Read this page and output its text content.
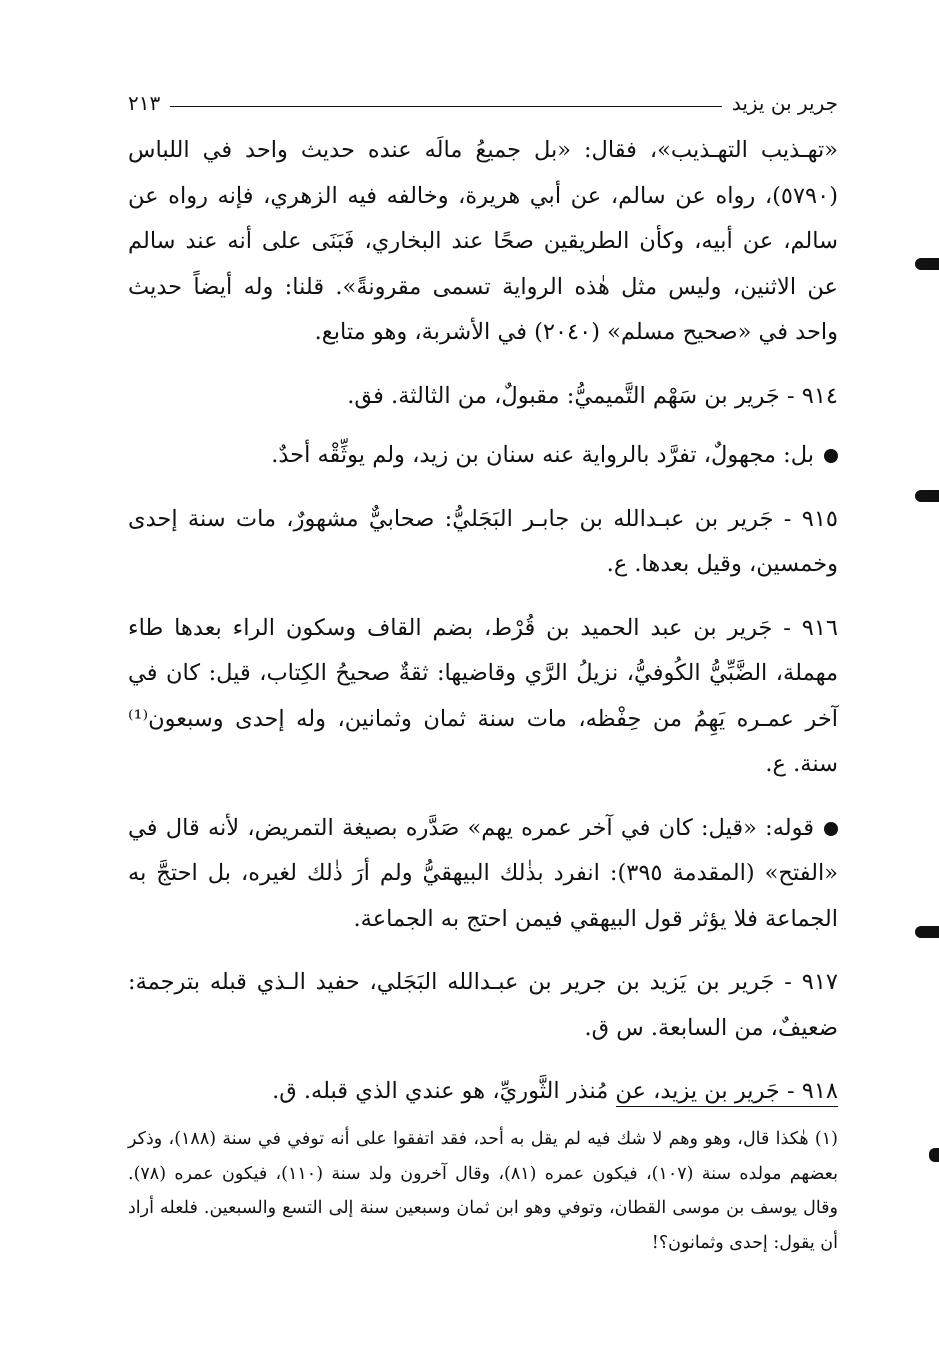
جرير بن يزيد
٢١٣

«تهـذيب التهـذيب»، فقال: «بل جميعُ مالَه عنده حديث واحد في اللباس (٥٧٩٠)، رواه عن سالم، عن أبي هريرة، وخالفه فيه الزهري، فإنه رواه عن سالم، عن أبيه، وكأن الطريقين صحًا عند البخاري، فَبَنَى على أنه عند سالم عن الاثنين، وليس مثل هٰذه الرواية تسمى مقرونةً». قلنا: وله أيضاً حديث واحد في «صحيح مسلم» (٢٠٤٠) في الأشربة، وهو متابع.

٩١٤ - جَرير بن سَهْم التَّميميُّ: مقبولٌ، من الثالثة. فق.

بل: مجهولٌ، تفرَّد بالرواية عنه سنان بن زيد، ولم يوثِّقْه أحدٌ.

٩١٥ - جَرير بن عبـدالله بن جابـر البَجَليُّ: صحابيٌّ مشهورٌ، مات سنة إحدى وخمسين، وقيل بعدها. ع.

٩١٦ - جَرير بن عبد الحميد بن قُرْط، بضم القاف وسكون الراء بعدها طاء مهملة، الضَّبِّيُّ الكُوفيُّ، نزيلُ الرَّي وقاضيها: ثقةٌ صحيحُ الكِتاب، قيل: كان في آخر عمـره يَهِمُ من حِفْظه، مات سنة ثمان وثمانين، وله إحدى وسبعون⁽¹⁾ سنة. ع.

قوله: «قيل: كان في آخر عمره يهم» صَدَّره بصيغة التمريض، لأنه قال في «الفتح» (المقدمة ٣٩٥): انفرد بذٰلك البيهقيُّ ولم أرَ ذٰلك لغيره، بل احتجَّ به الجماعة فلا يؤثر قول البيهقي فيمن احتج به الجماعة.

٩١٧ - جَرير بن يَزيد بن جرير بن عبـدالله البَجَلي، حفيد الـذي قبله بترجمة: ضعيفٌ، من السابعة. س ق.

٩١٨ - جَرير بن يزيد، عن مُنذر الثَّوريِّ، هو عندي الذي قبله. ق.

(١) هٰكذا قال، وهو وهم لا شك فيه لم يقل به أحد، فقد اتفقوا على أنه توفي في سنة (١٨٨)، وذكر بعضهم مولده سنة (١٠٧)، فيكون عمره (٨١)، وقال آخرون ولد سنة (١١٠)، فيكون عمره (٧٨). وقال يوسف بن موسى القطان، وتوفي وهو ابن ثمان وسبعين سنة إلى التسع والسبعين. فلعله أراد أن يقول: إحدى وثمانون؟!
